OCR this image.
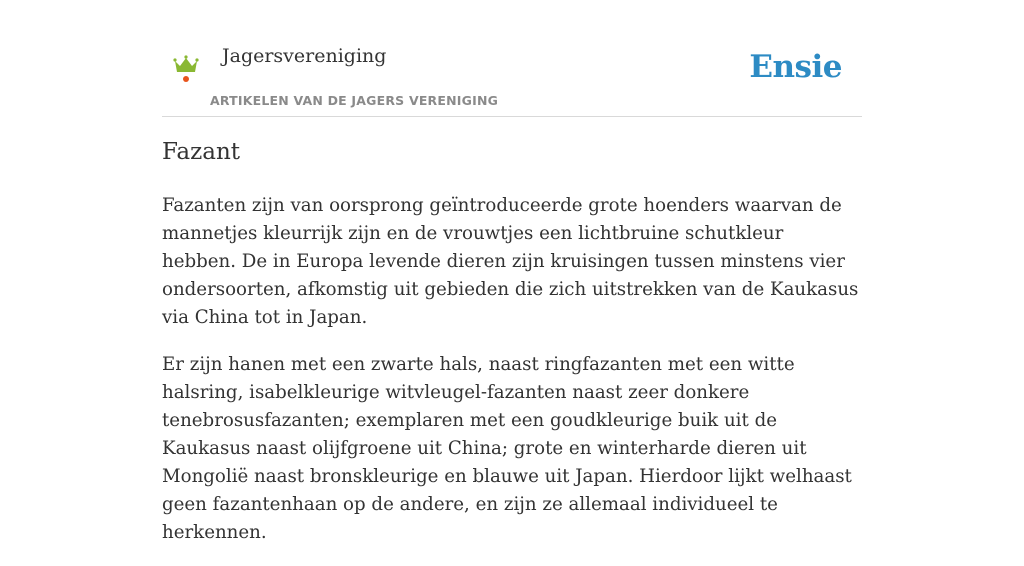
Jagersvereniging
ARTIKELEN VAN DE JAGERS VERENIGING
Ensie
Fazant

Fazanten zijn van oorsprong geïntroduceerde grote hoenders waarvan de mannetjes kleurrijk zijn en de vrouwtjes een lichtbruine schutkleur hebben. De in Europa levende dieren zijn kruisingen tussen minstens vier ondersoorten, afkomstig uit gebieden die zich uitstrekken van de Kaukasus via China tot in Japan.

Er zijn hanen met een zwarte hals, naast ringfazanten met een witte halsring, isabelkleurige witvleugel-fazanten naast zeer donkere tenebrosusfazanten; exemplaren met een goudkleurige buik uit de Kaukasus naast olijfgroene uit China; grote en winterharde dieren uit Mongolië naast bronskleurige en blauwe uit Japan. Hierdoor lijkt welhaast geen fazantenhaan op de andere, en zijn ze allemaal individueel te herkennen.
